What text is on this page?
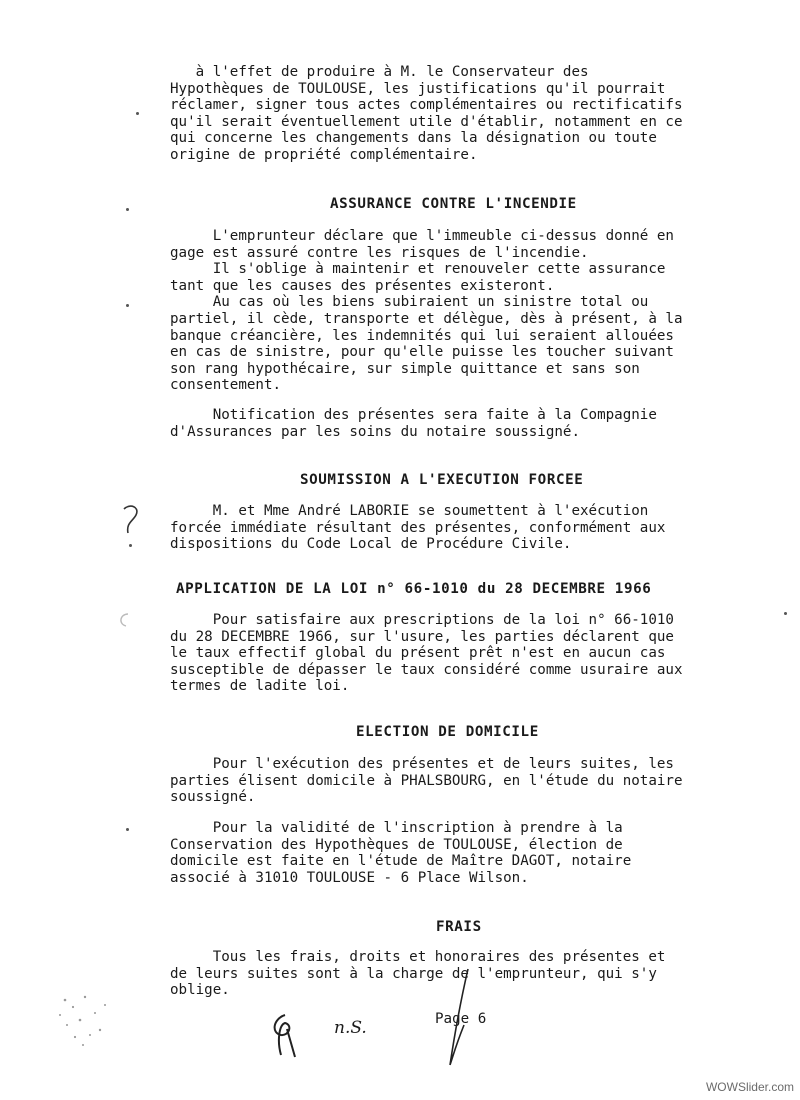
à l'effet de produire à M. le Conservateur des
Hypothèques de TOULOUSE, les justifications qu'il pourrait
réclamer, signer tous actes complémentaires ou rectificatifs
qu'il serait éventuellement utile d'établir, notamment en ce
qui concerne les changements dans la désignation ou toute
origine de propriété complémentaire.
ASSURANCE CONTRE L'INCENDIE
L'emprunteur déclare que l'immeuble ci-dessus donné en
gage est assuré contre les risques de l'incendie.
Il s'oblige à maintenir et renouveler cette assurance
tant que les causes des présentes existeront.
Au cas où les biens subiraient un sinistre total ou
partiel, il cède, transporte et délègue, dès à présent, à la
banque créancière, les indemnités qui lui seraient allouées
en cas de sinistre, pour qu'elle puisse les toucher suivant
son rang hypothécaire, sur simple quittance et sans son
consentement.
Notification des présentes sera faite à la Compagnie
d'Assurances par les soins du notaire soussigné.
SOUMISSION A L'EXECUTION FORCEE
M. et Mme André LABORIE se soumettent à l'exécution
forcée immédiate résultant des présentes, conformément aux
dispositions du Code Local de Procédure Civile.
APPLICATION DE LA LOI n° 66-1010 du 28 DECEMBRE 1966
Pour satisfaire aux prescriptions de la loi n° 66-1010
du 28 DECEMBRE 1966, sur l'usure, les parties déclarent que
le taux effectif global du présent prêt n'est en aucun cas
susceptible de dépasser le taux considéré comme usuraire aux
termes de ladite loi.
ELECTION DE DOMICILE
Pour l'exécution des présentes et de leurs suites, les
parties élisent domicile à PHALSBOURG, en l'étude du notaire
soussigné.
Pour la validité de l'inscription à prendre à la
Conservation des Hypothèques de TOULOUSE, élection de
domicile est faite en l'étude de Maître DAGOT, notaire
associé à 31010 TOULOUSE - 6 Place Wilson.
FRAIS
Tous les frais, droits et honoraires des présentes et
de leurs suites sont à la charge de l'emprunteur, qui s'y
oblige.
Page 6
n.S.
WOWSlider.com
